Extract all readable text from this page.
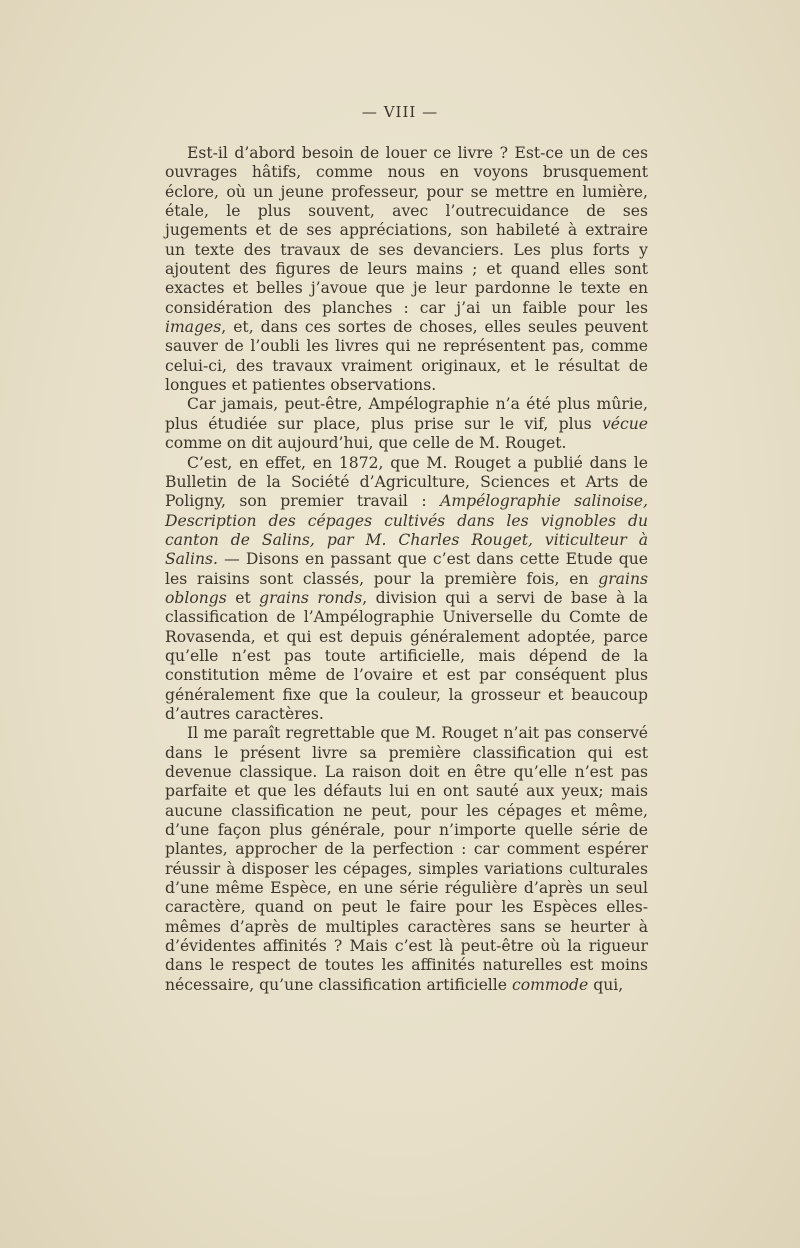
— VIII —

Est-il d’abord besoin de louer ce livre ? Est-ce un de ces ouvrages hâtifs, comme nous en voyons brusquement éclore, où un jeune professeur, pour se mettre en lumière, étale, le plus souvent, avec l’outrecuidance de ses jugements et de ses appréciations, son habileté à extraire un texte des travaux de ses devanciers. Les plus forts y ajoutent des figures de leurs mains ; et quand elles sont exactes et belles j’avoue que je leur pardonne le texte en considération des planches : car j’ai un faible pour les images, et, dans ces sortes de choses, elles seules peuvent sauver de l’oubli les livres qui ne représentent pas, comme celui-ci, des travaux vraiment originaux, et le résultat de longues et patientes observations.

Car jamais, peut-être, Ampélographie n’a été plus mûrie, plus étudiée sur place, plus prise sur le vif, plus vécue comme on dit aujourd’hui, que celle de M. Rouget.

C’est, en effet, en 1872, que M. Rouget a publié dans le Bulletin de la Société d’Agriculture, Sciences et Arts de Poligny, son premier travail : Ampélographie salinoise, Description des cépages cultivés dans les vignobles du canton de Salins, par M. Charles Rouget, viticulteur à Salins. — Disons en passant que c’est dans cette Etude que les raisins sont classés, pour la première fois, en grains oblongs et grains ronds, division qui a servi de base à la classification de l’Ampélographie Universelle du Comte de Rovasenda, et qui est depuis généralement adoptée, parce qu’elle n’est pas toute artificielle, mais dépend de la constitution même de l’ovaire et est par conséquent plus généralement fixe que la couleur, la grosseur et beaucoup d’autres caractères.

Il me paraît regrettable que M. Rouget n’ait pas conservé dans le présent livre sa première classification qui est devenue classique. La raison doit en être qu’elle n’est pas parfaite et que les défauts lui en ont sauté aux yeux; mais aucune classification ne peut, pour les cépages et même, d’une façon plus générale, pour n’importe quelle série de plantes, approcher de la perfection : car comment espérer réussir à disposer les cépages, simples variations culturales d’une même Espèce, en une série régulière d’après un seul caractère, quand on peut le faire pour les Espèces elles-mêmes d’après de multiples caractères sans se heurter à d’évidentes affinités ? Mais c’est là peut-être où la rigueur dans le respect de toutes les affinités naturelles est moins nécessaire, qu’une classification artificielle commode qui,
